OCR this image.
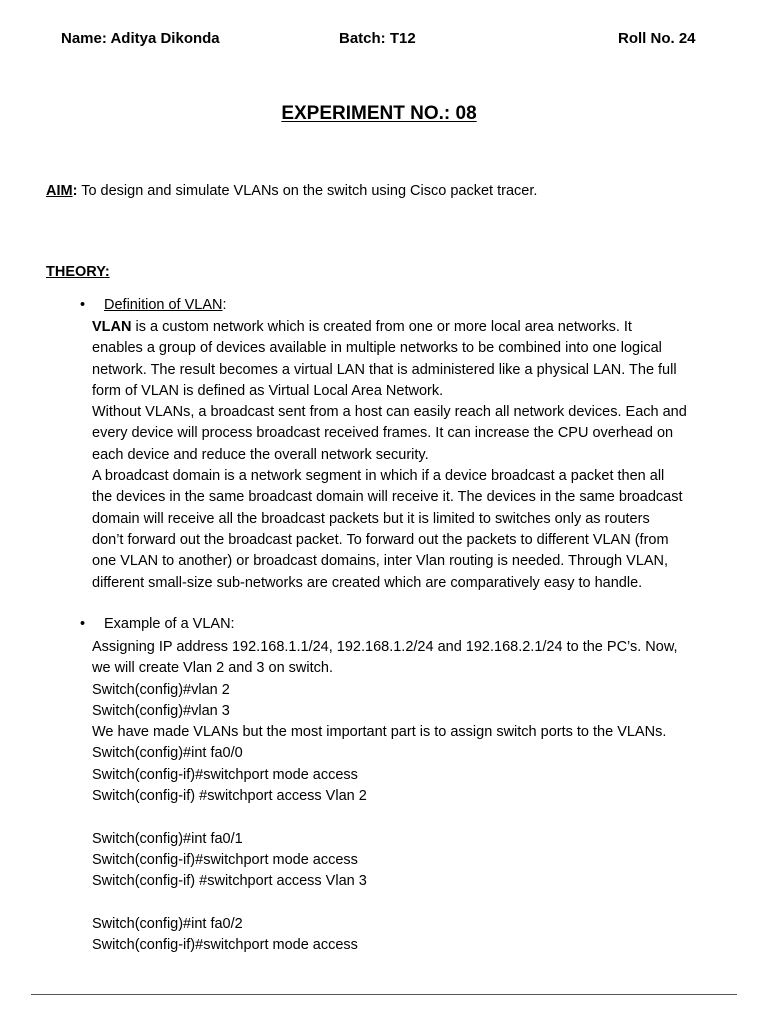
Name: Aditya Dikonda	Batch: T12	Roll No. 24
EXPERIMENT NO.: 08
AIM: To design and simulate VLANs on the switch using Cisco packet tracer.
THEORY:
• Definition of VLAN:
VLAN is a custom network which is created from one or more local area networks. It
enables a group of devices available in multiple networks to be combined into one logical
network. The result becomes a virtual LAN that is administered like a physical LAN. The full
form of VLAN is defined as Virtual Local Area Network.
Without VLANs, a broadcast sent from a host can easily reach all network devices. Each and
every device will process broadcast received frames. It can increase the CPU overhead on
each device and reduce the overall network security.
A broadcast domain is a network segment in which if a device broadcast a packet then all
the devices in the same broadcast domain will receive it. The devices in the same broadcast
domain will receive all the broadcast packets but it is limited to switches only as routers
don’t forward out the broadcast packet. To forward out the packets to different VLAN (from
one VLAN to another) or broadcast domains, inter Vlan routing is needed. Through VLAN,
different small-size sub-networks are created which are comparatively easy to handle.
• Example of a VLAN:
Assigning IP address 192.168.1.1/24, 192.168.1.2/24 and 192.168.2.1/24 to the PC’s. Now,
we will create Vlan 2 and 3 on switch.
Switch(config)#vlan 2
Switch(config)#vlan 3
We have made VLANs but the most important part is to assign switch ports to the VLANs.
Switch(config)#int fa0/0
Switch(config-if)#switchport mode access
Switch(config-if) #switchport access Vlan 2
Switch(config)#int fa0/1
Switch(config-if)#switchport mode access
Switch(config-if) #switchport access Vlan 3
Switch(config)#int fa0/2
Switch(config-if)#switchport mode access
